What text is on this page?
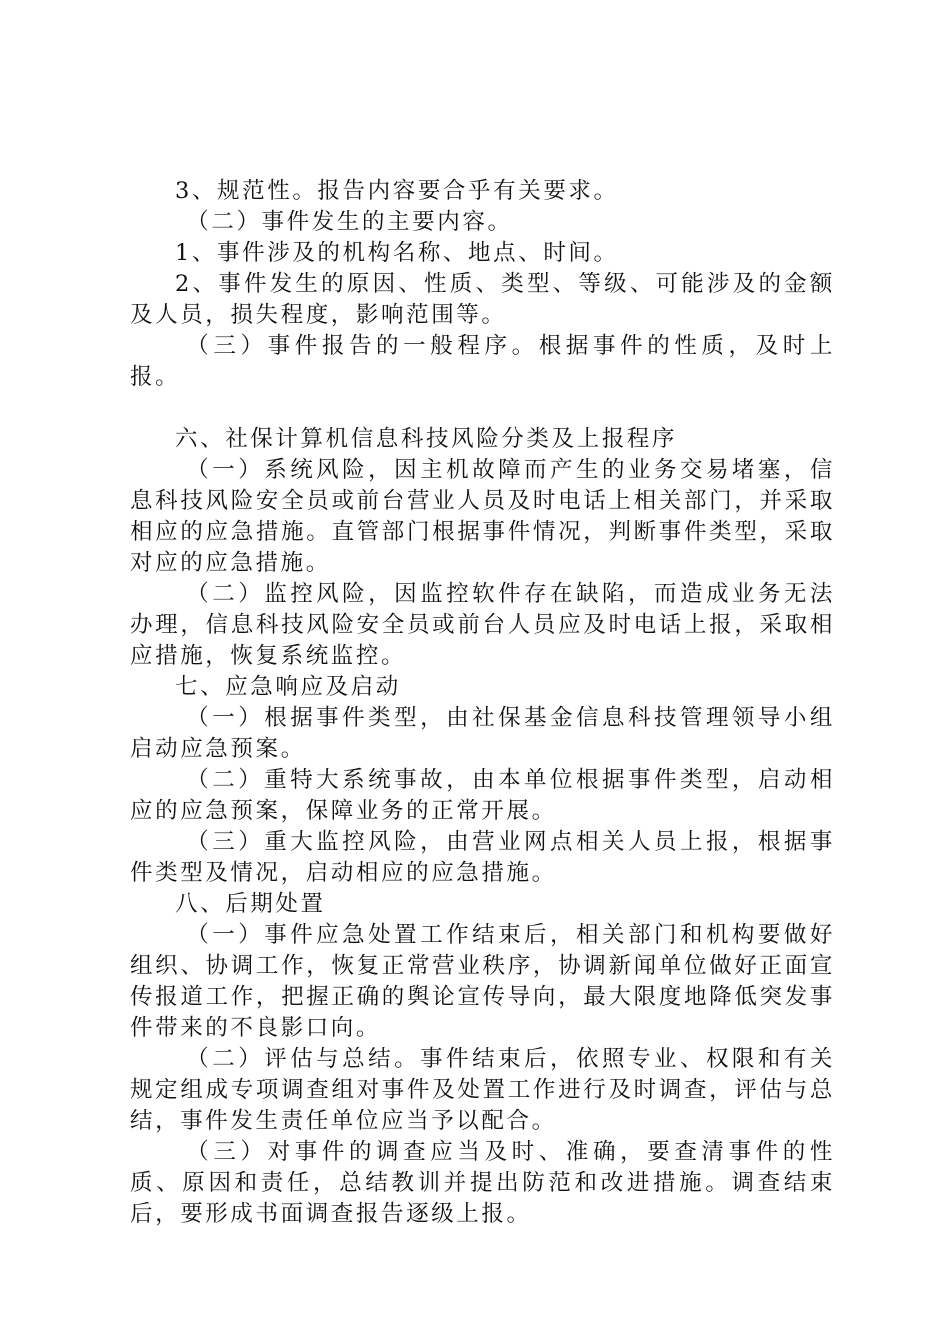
3、规范性。报告内容要合乎有关要求。

（二）事件发生的主要内容。

1、事件涉及的机构名称、地点、时间。

2、事件发生的原因、性质、类型、等级、可能涉及的金额及人员，损失程度，影响范围等。

（三）事件报告的一般程序。根据事件的性质，及时上报。

六、社保计算机信息科技风险分类及上报程序

（一）系统风险，因主机故障而产生的业务交易堵塞，信息科技风险安全员或前台营业人员及时电话上相关部门，并采取相应的应急措施。直管部门根据事件情况，判断事件类型，采取对应的应急措施。

（二）监控风险，因监控软件存在缺陷，而造成业务无法办理，信息科技风险安全员或前台人员应及时电话上报，采取相应措施，恢复系统监控。

七、应急响应及启动

（一）根据事件类型，由社保基金信息科技管理领导小组启动应急预案。

（二）重特大系统事故，由本单位根据事件类型，启动相应的应急预案，保障业务的正常开展。

（三）重大监控风险，由营业网点相关人员上报，根据事件类型及情况，启动相应的应急措施。

八、后期处置

（一）事件应急处置工作结束后，相关部门和机构要做好组织、协调工作，恢复正常营业秩序，协调新闻单位做好正面宣传报道工作，把握正确的舆论宣传导向，最大限度地降低突发事件带来的不良影口向。

（二）评估与总结。事件结束后，依照专业、权限和有关规定组成专项调查组对事件及处置工作进行及时调查，评估与总结，事件发生责任单位应当予以配合。

（三）对事件的调查应当及时、准确，要查清事件的性质、原因和责任，总结教训并提出防范和改进措施。调查结束后，要形成书面调查报告逐级上报。
